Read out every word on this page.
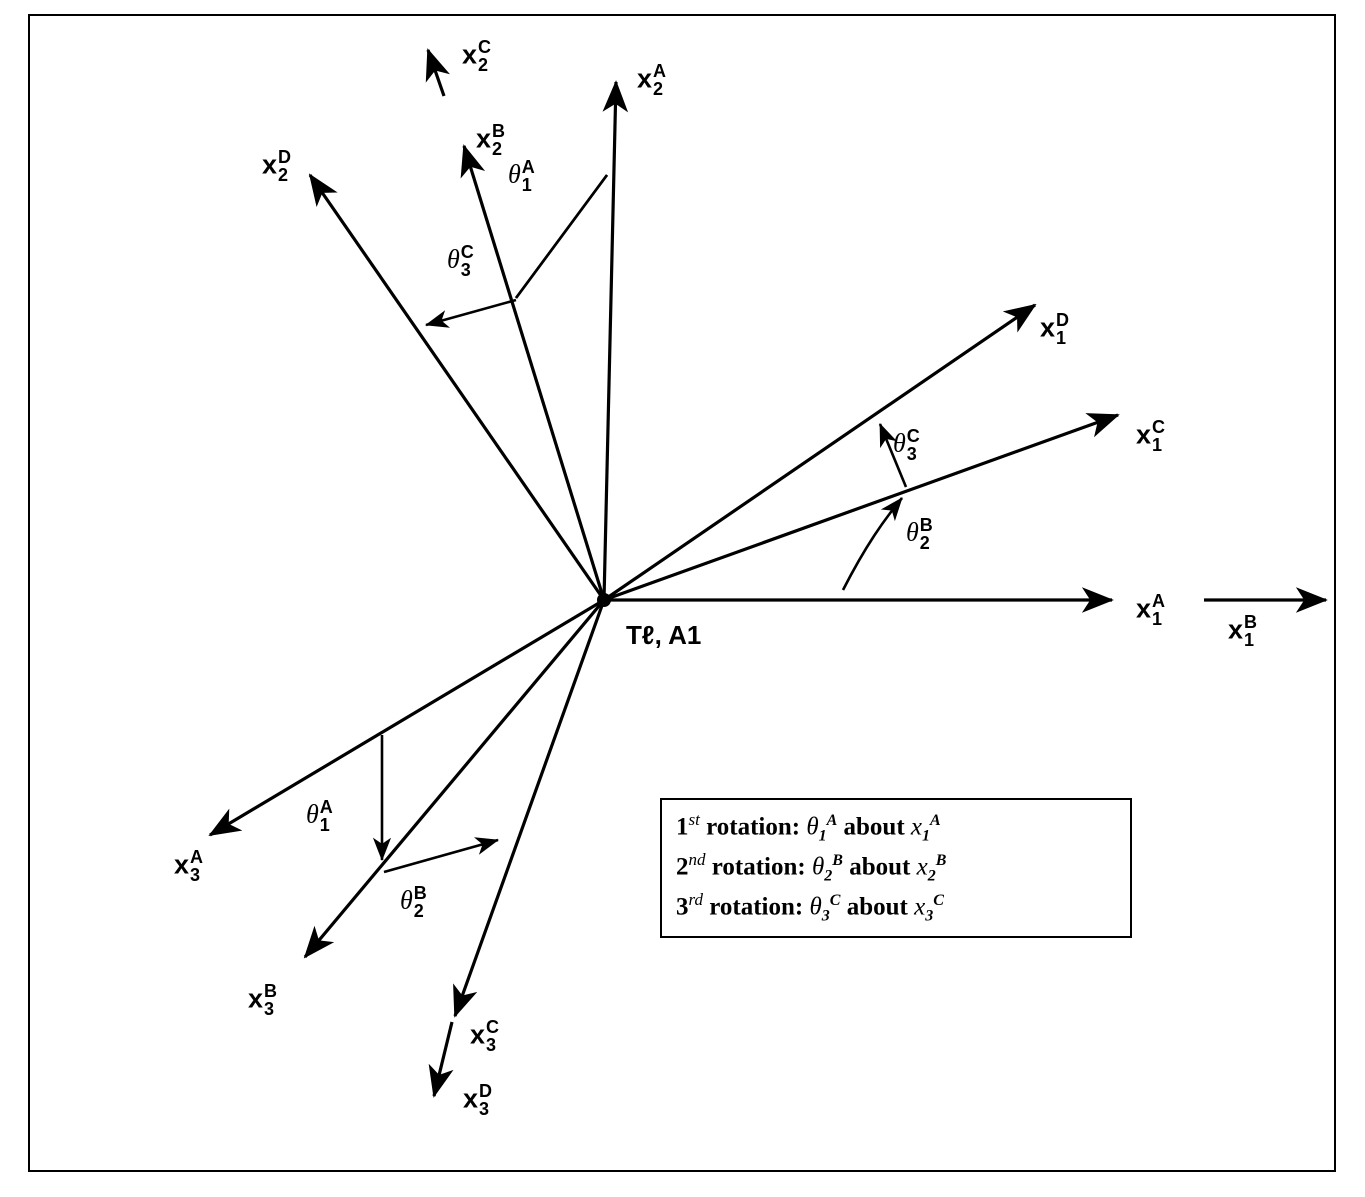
x C
2	x A
2
x B
2
x D
2
x D
1
x C
1
x A
1 x B
1
x A
3
x B
3
x C
3
x D
3
θ A
1
θ C
3
θ C
3
θ B
2
θ A
1
θ B
2
Tℓ, A1
1st rotation: $\theta_1^A$ about $x_1^A$
2nd rotation: $\theta_2^B$ about $x_2^B$
3rd rotation: $\theta_3^C$ about $x_3^C$
